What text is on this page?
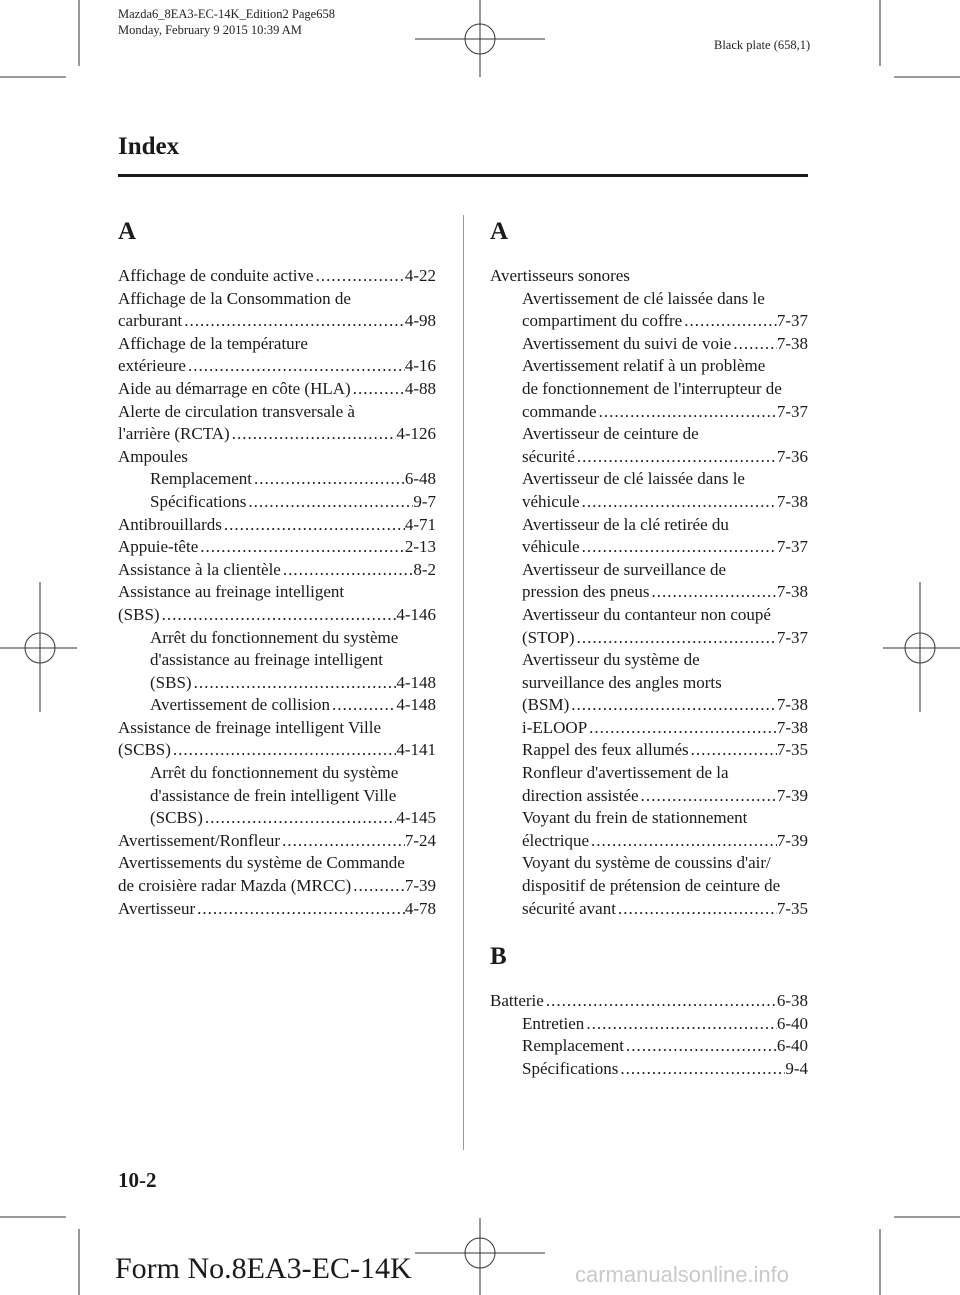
Mazda6_8EA3-EC-14K_Edition2 Page658
Monday, February 9 2015 10:39 AM
Black plate (658,1)
Index
A
Affichage de conduite active .....	4-22
Affichage de la Consommation de
carburant .....	4-98
Affichage de la température
extérieure .....	4-16
Aide au démarrage en côte (HLA) .....	4-88
Alerte de circulation transversale à
l'arrière (RCTA) .....	4-126
Ampoules
Remplacement .....	6-48
Spécifications .....	9-7
Antibrouillards .....	4-71
Appuie-tête .....	2-13
Assistance à la clientèle .....	8-2
Assistance au freinage intelligent
(SBS) .....	4-146
Arrêt du fonctionnement du système
d'assistance au freinage intelligent
(SBS) .....	4-148
Avertissement de collision .....	4-148
Assistance de freinage intelligent Ville
(SCBS) .....	4-141
Arrêt du fonctionnement du système
d'assistance de frein intelligent Ville
(SCBS) .....	4-145
Avertissement/Ronfleur .....	7-24
Avertissements du système de Commande
de croisière radar Mazda (MRCC) .....	7-39
Avertisseur .....	4-78
A
Avertisseurs sonores
Avertissement de clé laissée dans le
compartiment du coffre .....	7-37
Avertissement du suivi de voie .....	7-38
Avertissement relatif à un problème
de fonctionnement de l'interrupteur de
commande .....	7-37
Avertisseur de ceinture de
sécurité .....	7-36
Avertisseur de clé laissée dans le
véhicule .....	7-38
Avertisseur de la clé retirée du
véhicule .....	7-37
Avertisseur de surveillance de
pression des pneus .....	7-38
Avertisseur du contanteur non coupé
(STOP) .....	7-37
Avertisseur du système de
surveillance des angles morts
(BSM) .....	7-38
i-ELOOP .....	7-38
Rappel des feux allumés .....	7-35
Ronfleur d'avertissement de la
direction assistée .....	7-39
Voyant du frein de stationnement
électrique .....	7-39
Voyant du système de coussins d'air/
dispositif de prétension de ceinture de
sécurité avant .....	7-35
B
Batterie .....	6-38
Entretien .....	6-40
Remplacement .....	6-40
Spécifications .....	9-4
10-2
Form No.8EA3-EC-14K	carmanualsonline.info
